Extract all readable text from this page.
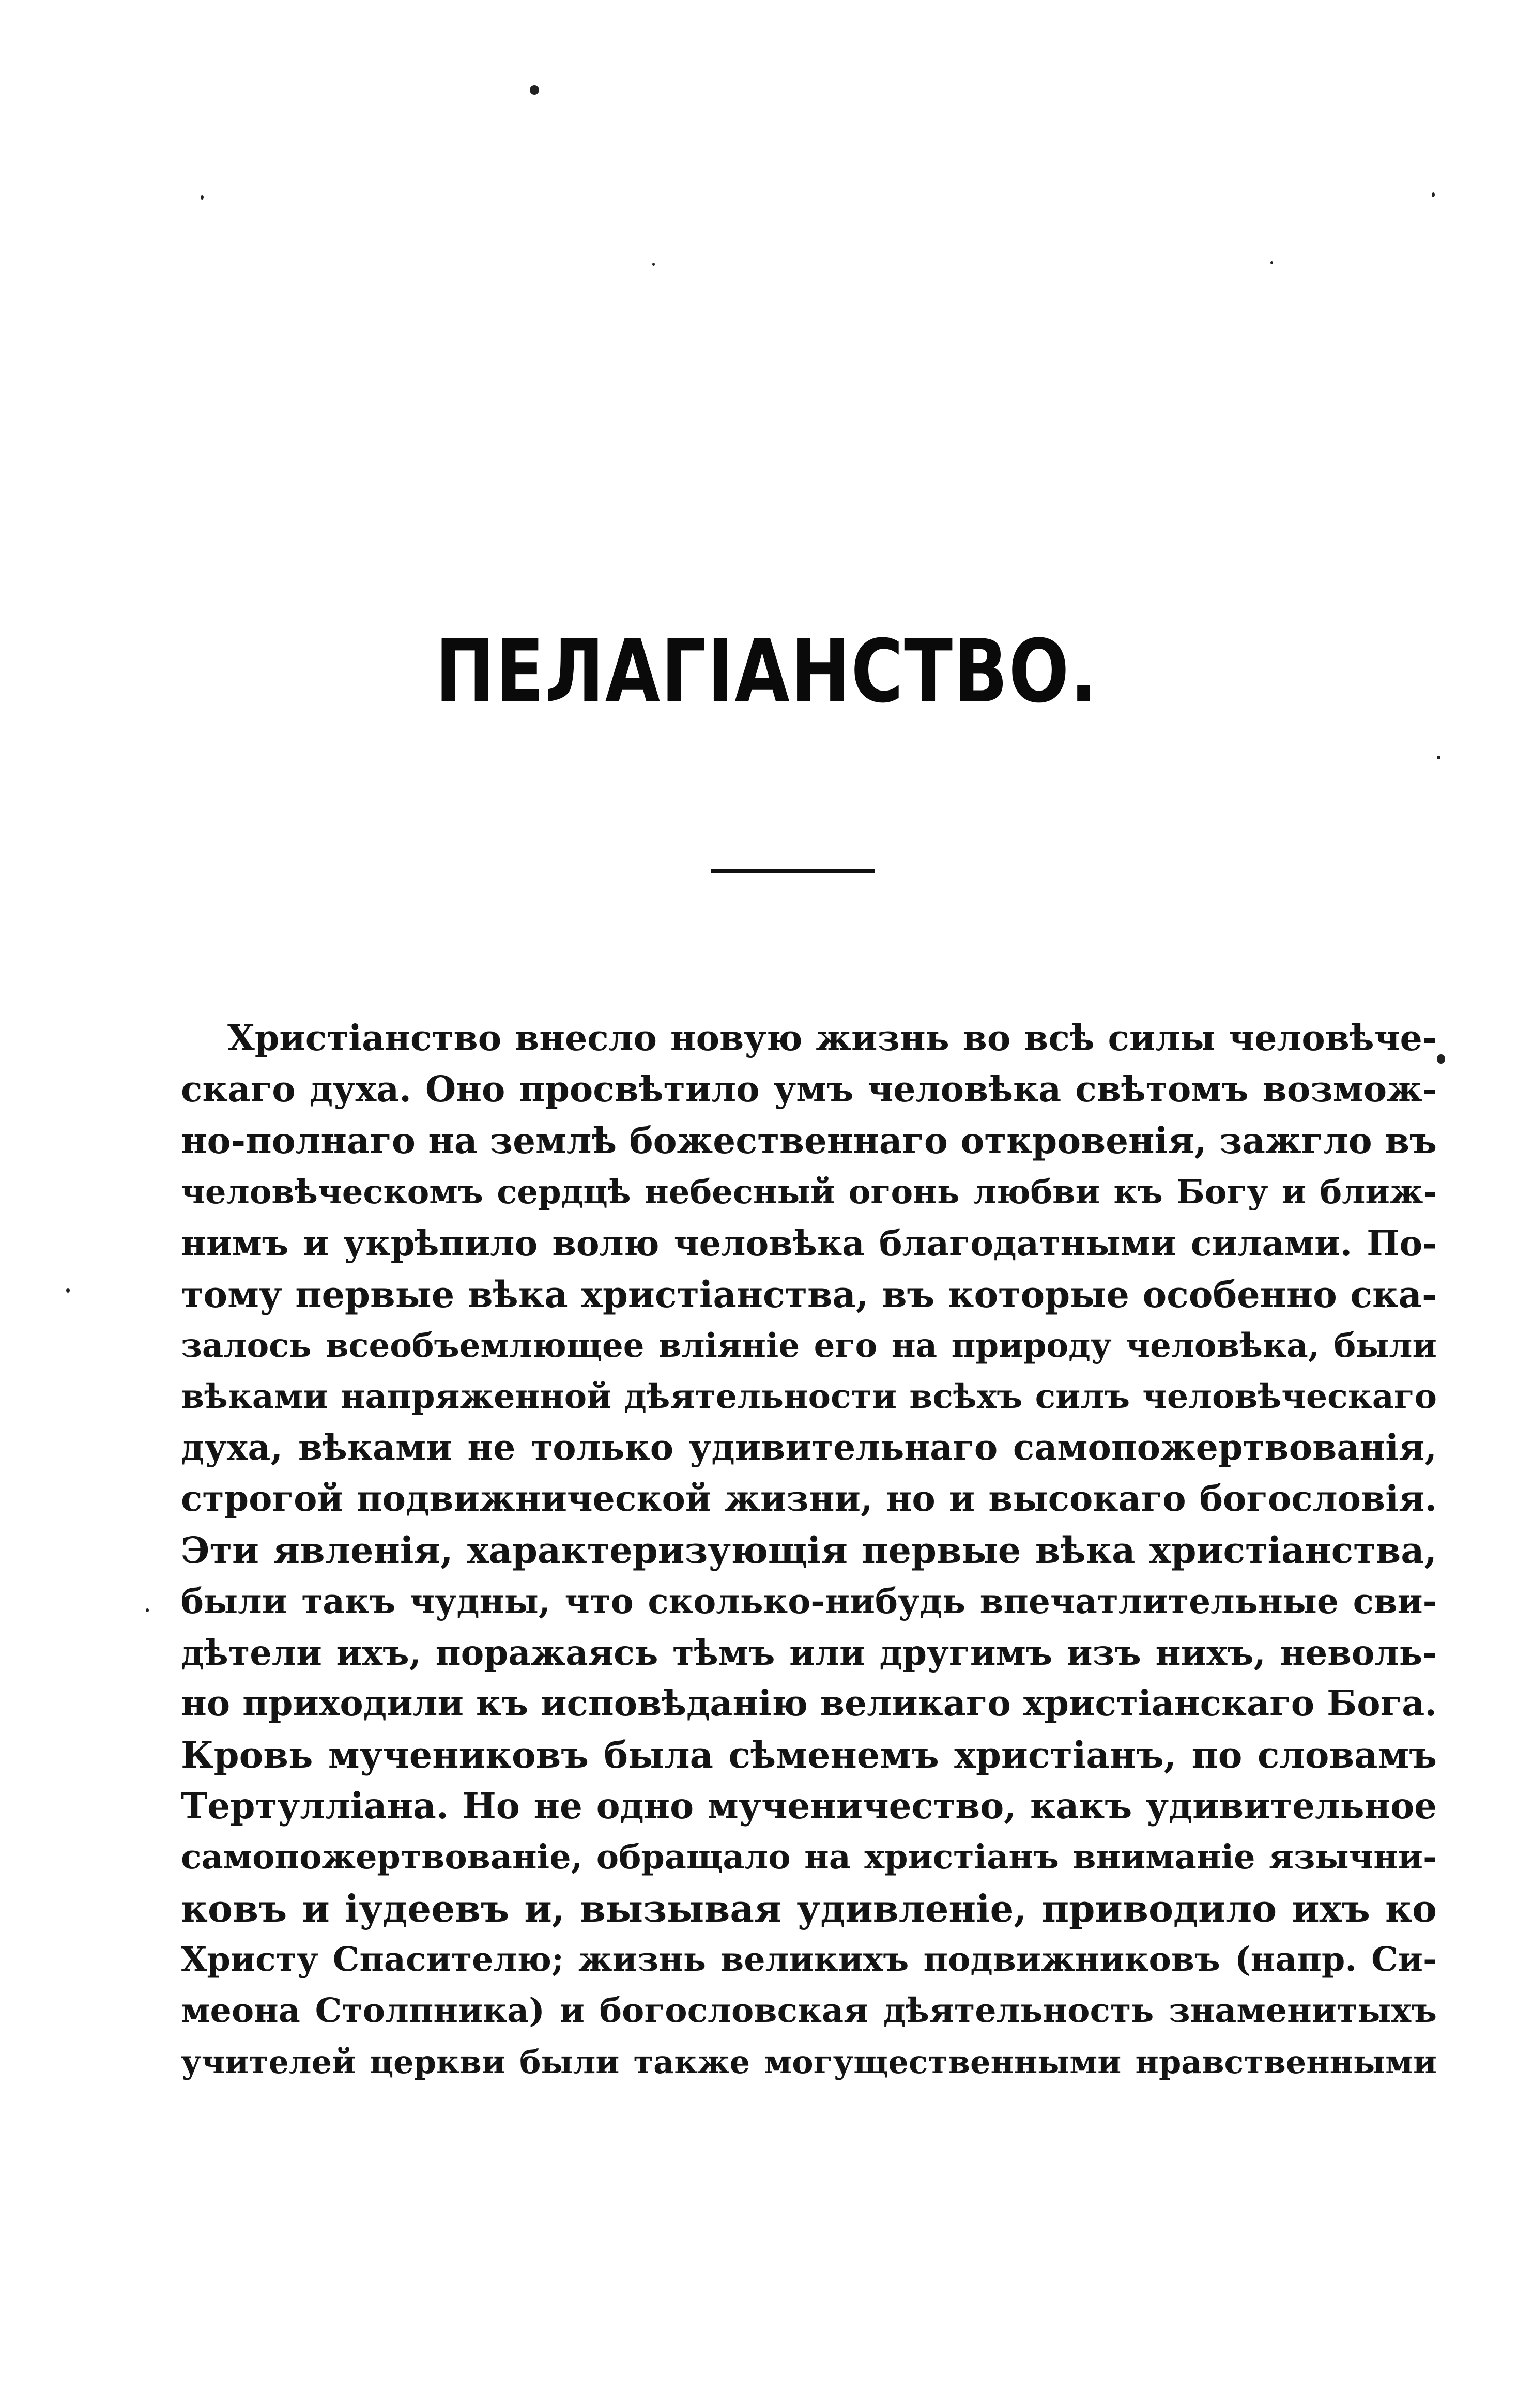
ПЕЛАГІАНСТВО.
Христіанство внесло новую жизнь во всѣ силы человѣче-
скаго духа. Оно просвѣтило умъ человѣка свѣтомъ возмож-
но-полнаго на землѣ божественнаго откровенія, зажгло въ
человѣческомъ сердцѣ небесный огонь любви къ Богу и ближ-
нимъ и укрѣпило волю человѣка благодатными силами. По-
тому первые вѣка христіанства, въ которые особенно ска-
залось всеобъемлющее вліяніе его на природу человѣка, были
вѣками напряженной дѣятельности всѣхъ силъ человѣческаго
духа, вѣками не только удивительнаго самопожертвованія,
строгой подвижнической жизни, но и высокаго богословія.
Эти явленія, характеризующія первые вѣка христіанства,
были такъ чудны, что сколько-нибудь впечатлительные сви-
дѣтели ихъ, поражаясь тѣмъ или другимъ изъ нихъ, неволь-
но приходили къ исповѣданію великаго христіанскаго Бога.
Кровь мучениковъ была сѣменемъ христіанъ, по словамъ
Тертулліана. Но не одно мученичество, какъ удивительное
самопожертвованіе, обращало на христіанъ вниманіе язычни-
ковъ и іудеевъ и, вызывая удивленіе, приводило ихъ ко
Христу Спасителю; жизнь великихъ подвижниковъ (напр. Си-
меона Столпника) и богословская дѣятельность знаменитыхъ
учителей церкви были также могущественными нравственными
